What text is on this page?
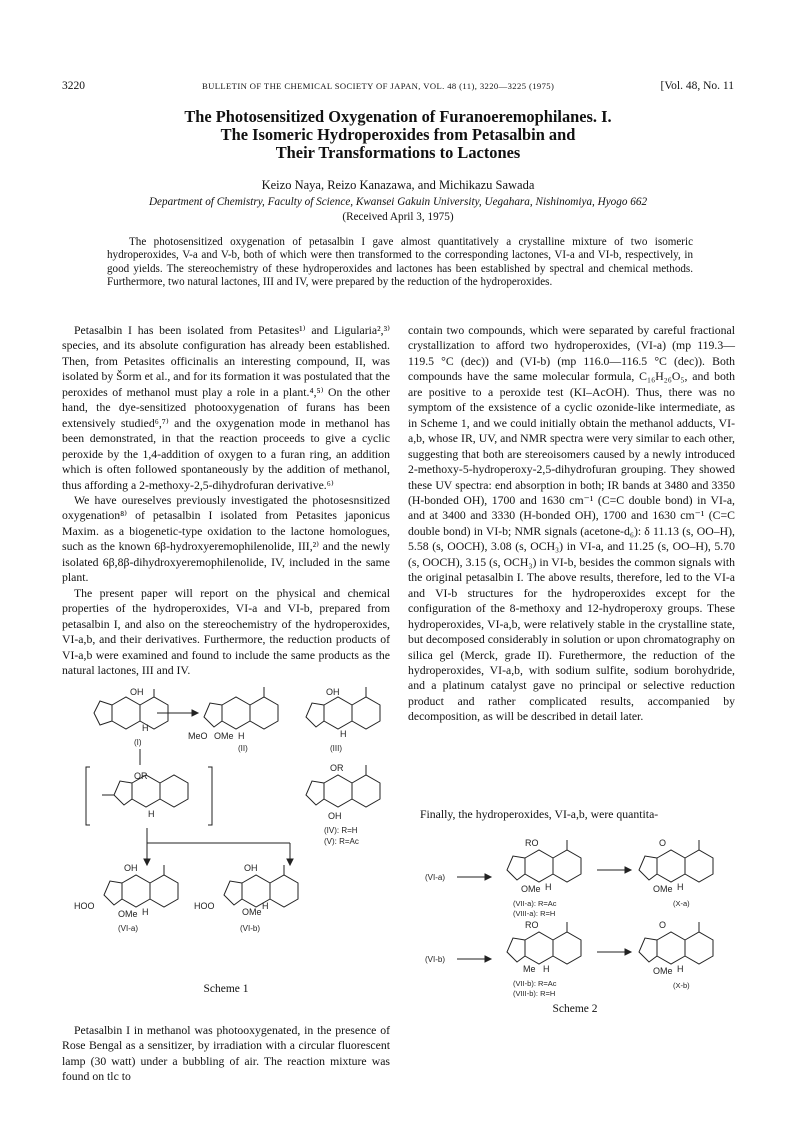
3220	BULLETIN OF THE CHEMICAL SOCIETY OF JAPAN, VOL. 48 (11), 3220—3225 (1975)	[Vol. 48, No. 11
The Photosensitized Oxygenation of Furanoeremophilanes. I.
The Isomeric Hydroperoxides from Petasalbin and
Their Transformations to Lactones
Keizo Naya, Reizo Kanazawa, and Michikazu Sawada
Department of Chemistry, Faculty of Science, Kwansei Gakuin University, Uegahara, Nishinomiya, Hyogo 662
(Received April 3, 1975)
The photosensitized oxygenation of petasalbin I gave almost quantitatively a crystalline mixture of two isomeric hydroperoxides, V-a and V-b, both of which were then transformed to the corresponding lactones, VI-a and VI-b, respectively, in good yields. The stereochemistry of these hydroperoxides and lactones has been established by spectral and chemical methods. Furthermore, two natural lactones, III and IV, were prepared by the reduction of the hydroperoxides.

Petasalbin I has been isolated from Petasites¹⁾ and Ligularia²,³⁾ species, and its absolute configuration has already been established. Then, from Petasites officinalis an interesting compound, II, was isolated by Šorm et al., and for its formation it was postulated that the peroxides of methanol must play a role in a plant.⁴,⁵⁾ On the other hand, the dye-sensitized photooxygenation of furans has been extensively studied⁶,⁷⁾ and the oxygenation mode in methanol has been demonstrated, in that the reaction proceeds to give a cyclic peroxide by the 1,4-addition of oxygen to a furan ring, an addition which is often followed spontaneously by the addition of methanol, thus affording a 2-methoxy-2,5-dihydrofuran derivative.⁶⁾

We have oureselves previously investigated the photosesnsitized oxygenation⁸⁾ of petasalbin I isolated from Petasites japonicus Maxim. as a biogenetic-type oxidation to the lactone homologues, such as the known 6β-hydroxyeremophilenolide, III,²⁾ and the newly isolated 6β,8β-dihydroxyeremophilenolide, IV, included in the same plant.

The present paper will report on the physical and chemical properties of the hydroperoxides, VI-a and VI-b, prepared from petasalbin I, and also on the stereochemistry of the hydroperoxides, VI-a,b, and their derivatives. Furthermore, the reduction products of VI-a,b were examined and found to include the same products as the natural lactones, III and IV.

OH
H
(I)
MeO OMe H
(II)
OH
H
(III)
OR
H
OR
OH
(IV): R=H
(V): R=Ac
OH
HOO
OMe H
(VI-a)
OH
HOO
OMe
H
(VI-b)
Scheme 1

Petasalbin I in methanol was photooxygenated, in the presence of Rose Bengal as a sensitizer, by irradiation with a circular fluorescent lamp (30 watt) under a bubbling of air. The reaction mixture was found on tlc to

contain two compounds, which were separated by careful fractional crystallization to afford two hydroperoxides, (VI-a) (mp 119.3—119.5 °C (dec)) and (VI-b) (mp 116.0—116.5 °C (dec)). Both compounds have the same molecular formula, C₁₆H₂₆O₅, and both are positive to a peroxide test (KI–AcOH). Thus, there was no symptom of the exsistence of a cyclic ozonide-like intermediate, as in Scheme 1, and we could initially obtain the methanol adducts, VI-a,b, whose IR, UV, and NMR spectra were very similar to each other, suggesting that both are stereoisomers caused by a newly introduced 2-methoxy-5-hydroperoxy-2,5-dihydrofuran grouping. They showed these UV spectra: end absorption in both; IR bands at 3480 and 3350 (H-bonded OH), 1700 and 1630 cm⁻¹ (C=C double bond) in VI-a, and at 3400 and 3330 (H-bonded OH), 1700 and 1630 cm⁻¹ (C=C double bond) in VI-b; NMR signals (acetone-d₆): δ 11.13 (s, OO–H), 5.58 (s, OOCH), 3.08 (s, OCH₃) in VI-a, and 11.25 (s, OO–H), 5.70 (s, OOCH), 3.15 (s, OCH₃) in VI-b, besides the common signals with the original petasalbin I. The above results, therefore, led to the VI-a and VI-b structures for the hydroperoxides except for the configuration of the 8-methoxy and 12-hydroperoxy groups. These hydroperoxides, VI-a,b, were relatively stable in the crystalline state, but decomposed considerably in solution or upon chromatography on silica gel (Merck, grade II). Furethermore, the reduction of the hydroperoxides, VI-a,b, with sodium sulfite, sodium borohydride, and a platinum catalyst gave no principal or selective reduction product and rather complicated results, accompanied by decomposition, as will be described in detail later.

Finally, the hydroperoxides, VI-a,b, were quantita-

(VI-a)
RO
OMe H
(VII-a): R=Ac
(VIII-a): R=H
O
OMe H
(X-a)
(VI-b)
RO
Me H
(VII-b): R=Ac
(VIII-b): R=H
O
OMe H
(X-b)
Scheme 2
